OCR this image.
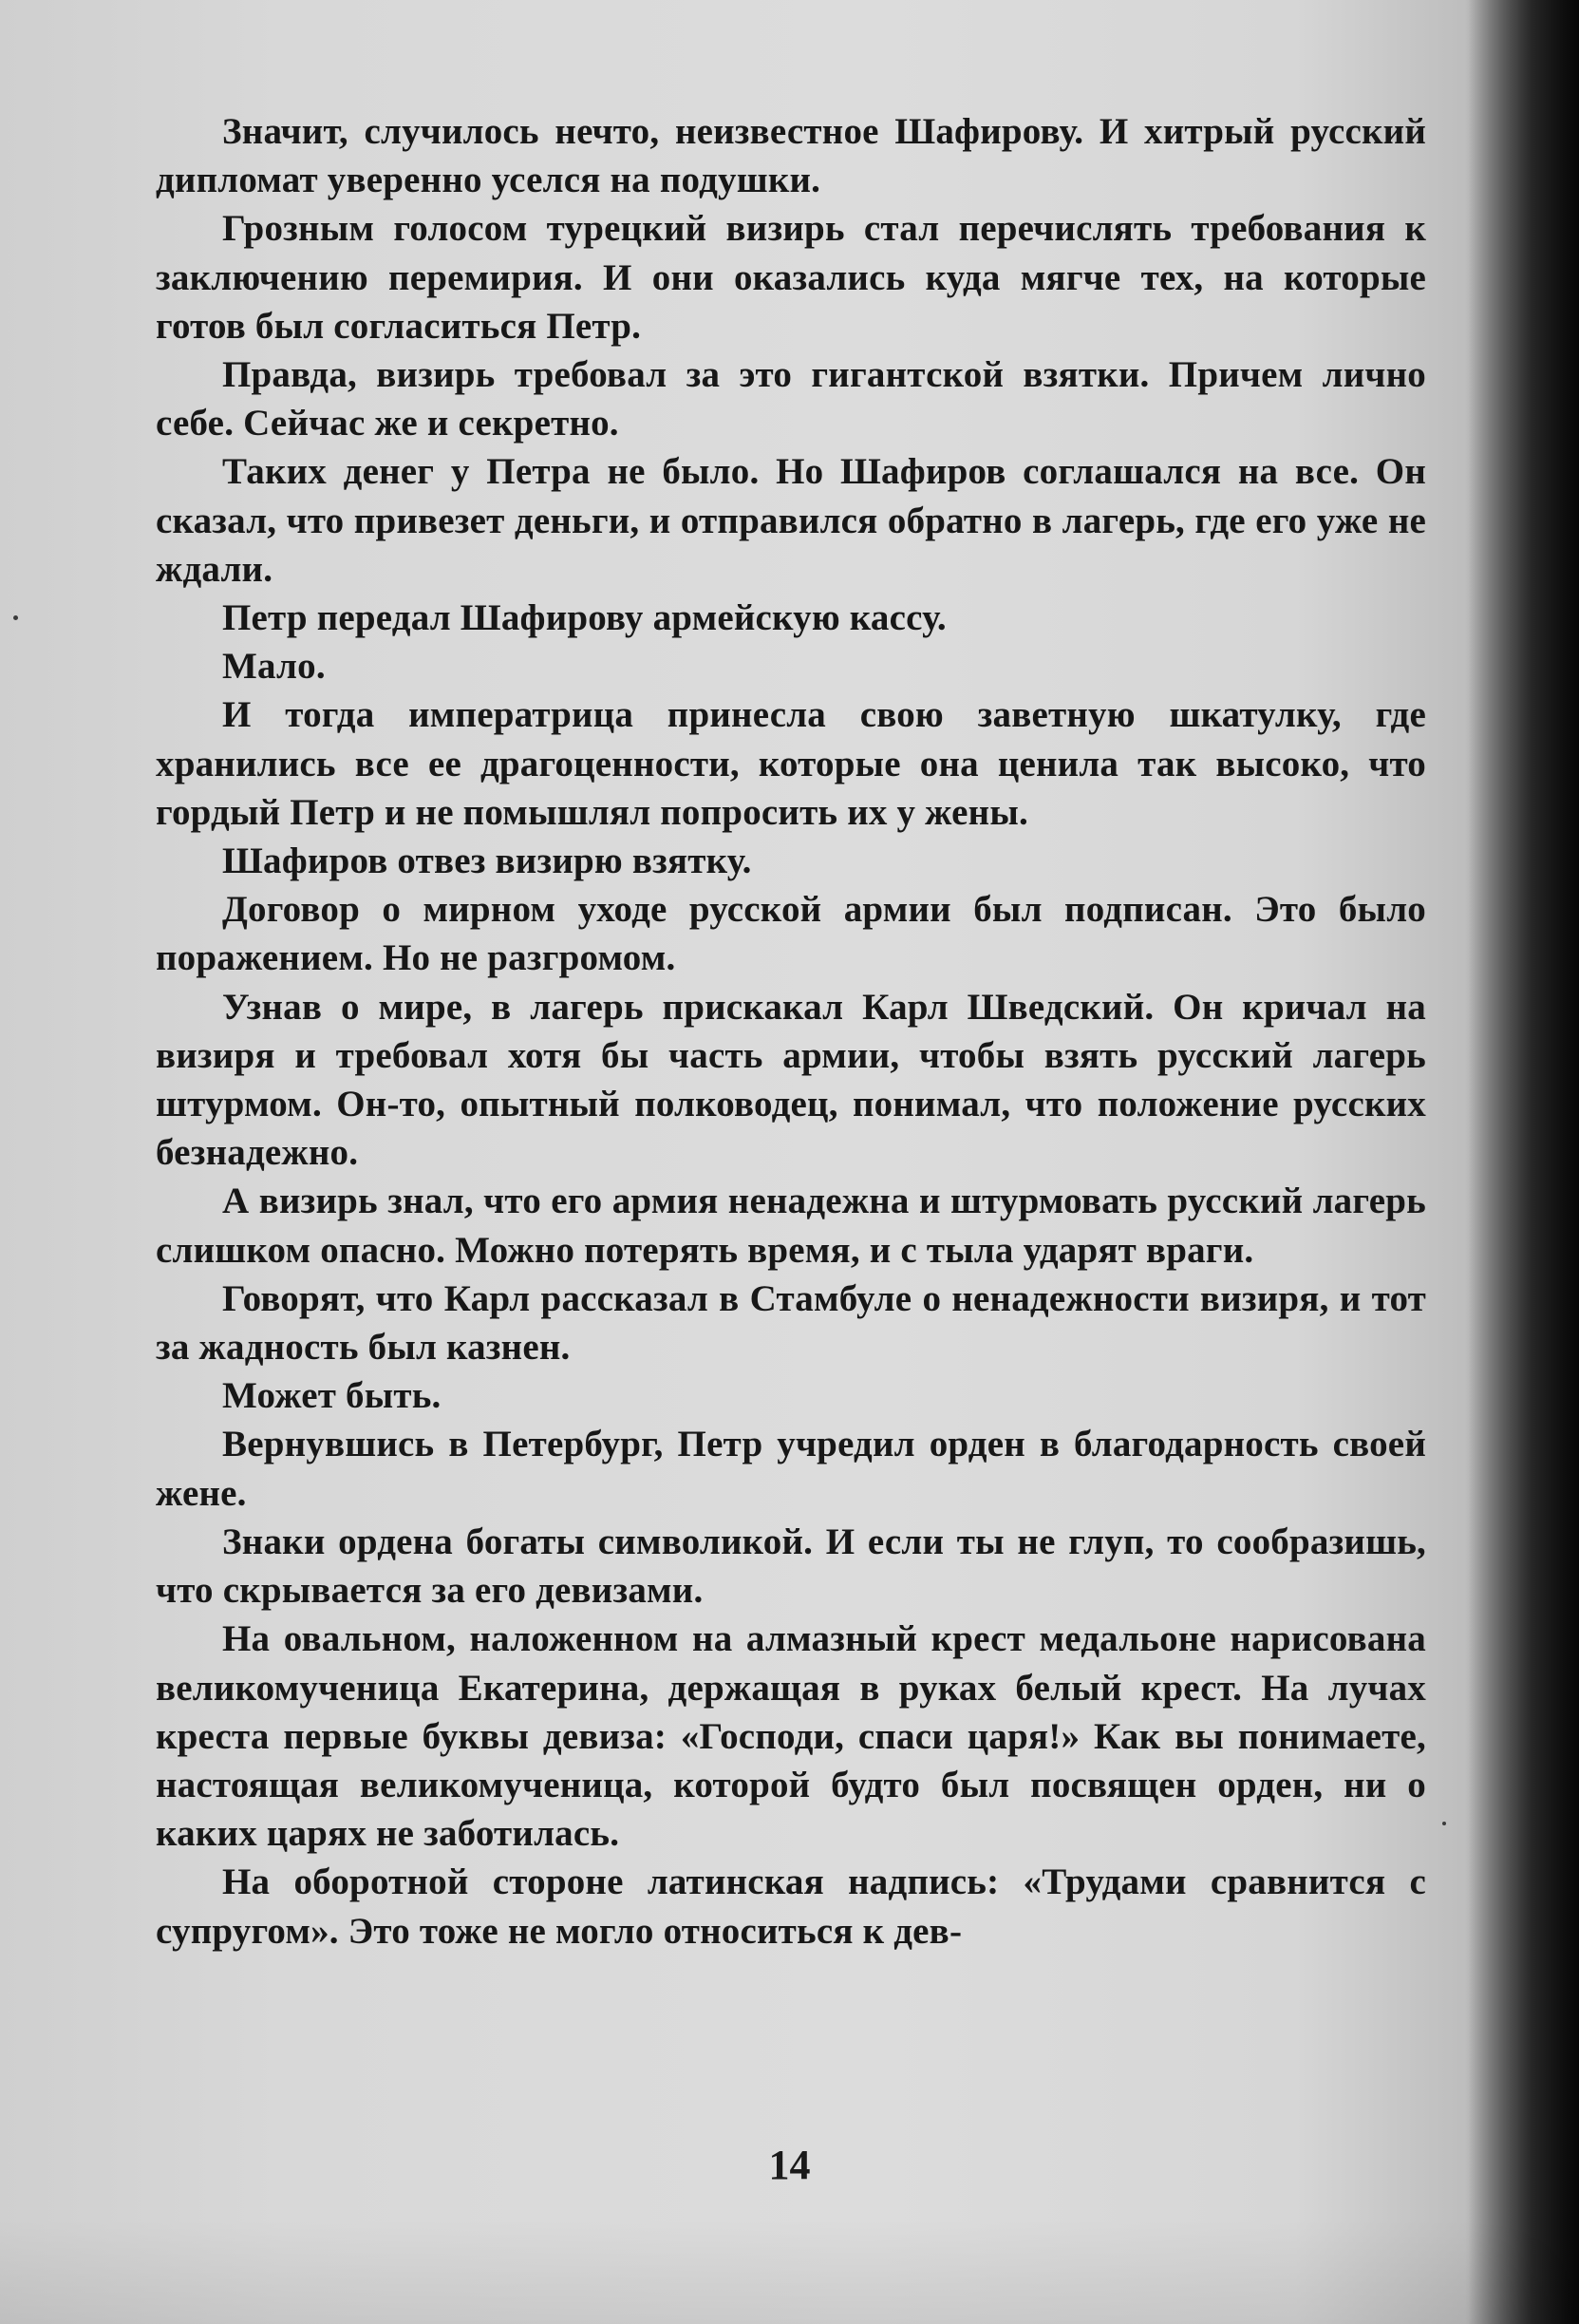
Значит, случилось нечто, неизвестное Шафирову. И хитрый русский дипломат уверенно уселся на подушки.

Грозным голосом турецкий визирь стал перечислять требования к заключению перемирия. И они оказались куда мягче тех, на которые готов был согласиться Петр.

Правда, визирь требовал за это гигантской взятки. Причем лично себе. Сейчас же и секретно.

Таких денег у Петра не было. Но Шафиров соглашался на все. Он сказал, что привезет деньги, и отправился обратно в лагерь, где его уже не ждали.

Петр передал Шафирову армейскую кассу.

Мало.

И тогда императрица принесла свою заветную шкатулку, где хранились все ее драгоценности, которые она ценила так высоко, что гордый Петр и не помышлял попросить их у жены.

Шафиров отвез визирю взятку.

Договор о мирном уходе русской армии был подписан. Это было поражением. Но не разгромом.

Узнав о мире, в лагерь прискакал Карл Шведский. Он кричал на визиря и требовал хотя бы часть армии, чтобы взять русский лагерь штурмом. Он-то, опытный полководец, понимал, что положение русских безнадежно.

А визирь знал, что его армия ненадежна и штурмовать русский лагерь слишком опасно. Можно потерять время, и с тыла ударят враги.

Говорят, что Карл рассказал в Стамбуле о ненадежности визиря, и тот за жадность был казнен.

Может быть.

Вернувшись в Петербург, Петр учредил орден в благодарность своей жене.

Знаки ордена богаты символикой. И если ты не глуп, то сообразишь, что скрывается за его девизами.

На овальном, наложенном на алмазный крест медальоне нарисована великомученица Екатерина, держащая в руках белый крест. На лучах креста первые буквы девиза: «Господи, спаси царя!» Как вы понимаете, настоящая великомученица, которой будто был посвящен орден, ни о каких царях не заботилась.

На оборотной стороне латинская надпись: «Трудами сравнится с супругом». Это тоже не могло относиться к дев-

14
